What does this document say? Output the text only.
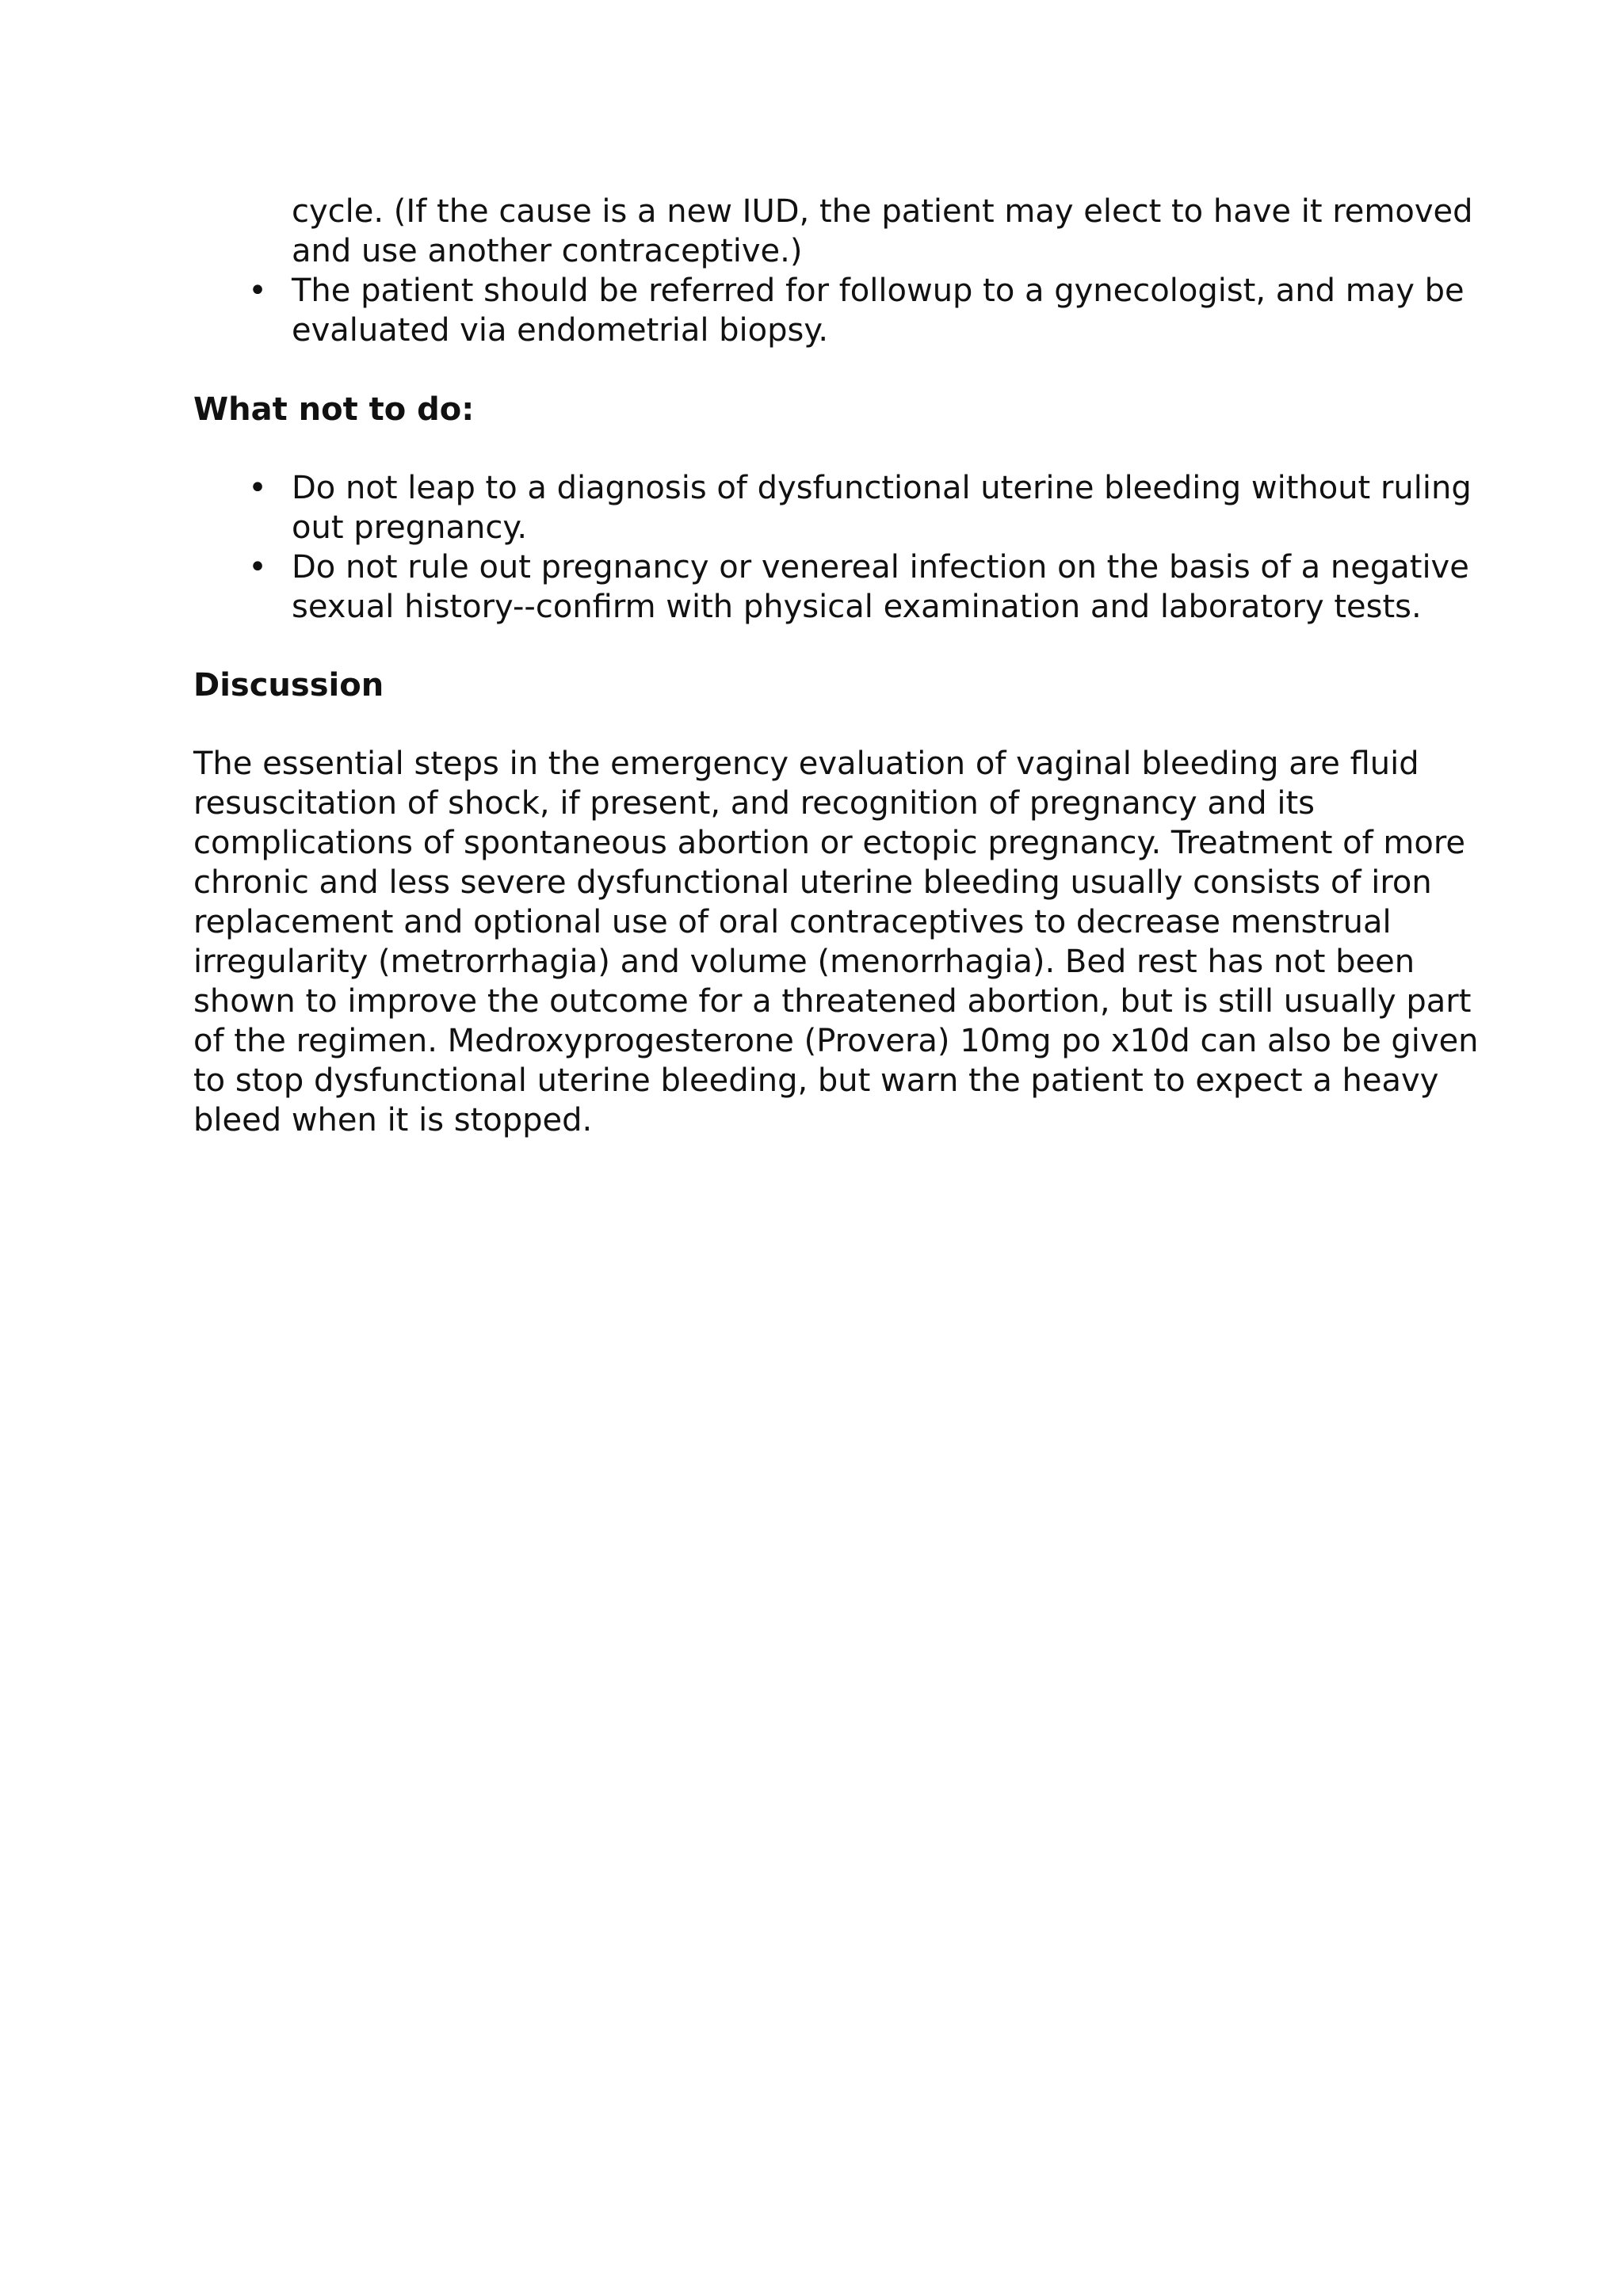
cycle. (If the cause is a new IUD, the patient may elect to have it removed and use another contraceptive.)

• The patient should be referred for followup to a gynecologist, and may be evaluated via endometrial biopsy.

What not to do:

• Do not leap to a diagnosis of dysfunctional uterine bleeding without ruling out pregnancy.
• Do not rule out pregnancy or venereal infection on the basis of a negative sexual history--confirm with physical examination and laboratory tests.

Discussion

The essential steps in the emergency evaluation of vaginal bleeding are fluid resuscitation of shock, if present, and recognition of pregnancy and its complications of spontaneous abortion or ectopic pregnancy. Treatment of more chronic and less severe dysfunctional uterine bleeding usually consists of iron replacement and optional use of oral contraceptives to decrease menstrual irregularity (metrorrhagia) and volume (menorrhagia). Bed rest has not been shown to improve the outcome for a threatened abortion, but is still usually part of the regimen. Medroxyprogesterone (Provera) 10mg po x10d can also be given to stop dysfunctional uterine bleeding, but warn the patient to expect a heavy bleed when it is stopped.
